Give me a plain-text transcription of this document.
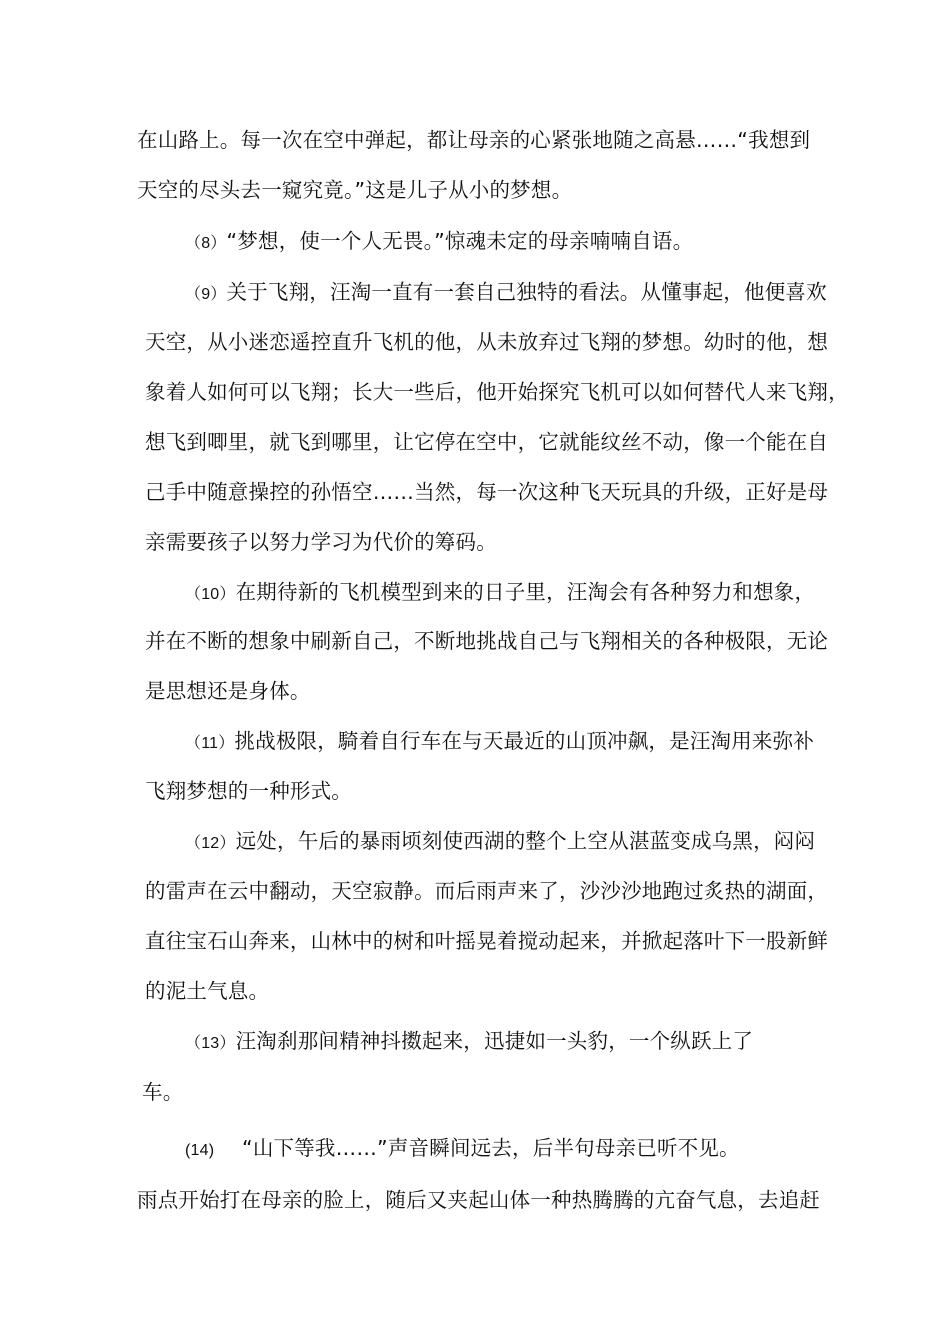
在山路上。每一次在空中弹起，都让母亲的心紧张地随之高悬……“我想到
天空的尽头去一窥究竟。”这是儿子从小的梦想。
（8）“梦想，使一个人无畏。”惊魂未定的母亲喃喃自语。
（9）关于飞翔，汪淘一直有一套自己独特的看法。从懂事起，他便喜欢
天空，从小迷恋遥控直升飞机的他，从未放弃过飞翔的梦想。幼时的他，想
象着人如何可以飞翔；长大一些后，他开始探究飞机可以如何替代人来飞翔，
想飞到唧里，就飞到哪里，让它停在空中，它就能纹丝不动，像一个能在自
己手中随意操控的孙悟空……当然，每一次这种飞天玩具的升级，正好是母
亲需要孩子以努力学习为代价的筹码。
（10）在期待新的飞机模型到来的日子里，汪淘会有各种努力和想象，
并在不断的想象中刷新自己，不断地挑战自己与飞翔相关的各种极限，无论
是思想还是身体。
（11）挑战极限，騎着自行车在与天最近的山顶冲飙，是汪淘用来弥补
飞翔梦想的一种形式。
（12）远处，午后的暴雨顷刻使西湖的整个上空从湛蓝变成乌黑，闷闷
的雷声在云中翻动，天空寂静。而后雨声来了，沙沙沙地跑过炙热的湖面，
直往宝石山奔来，山林中的树和叶摇晃着搅动起来，并掀起落叶下一股新鲜
的泥土气息。
（13）汪淘刹那间精神抖擞起来，迅捷如一头豹，一个纵跃上了
车。
(14) “山下等我……”声音瞬间远去，后半句母亲已听不见。
雨点开始打在母亲的脸上，随后又夹起山体一种热腾腾的亢奋气息，去追赶
